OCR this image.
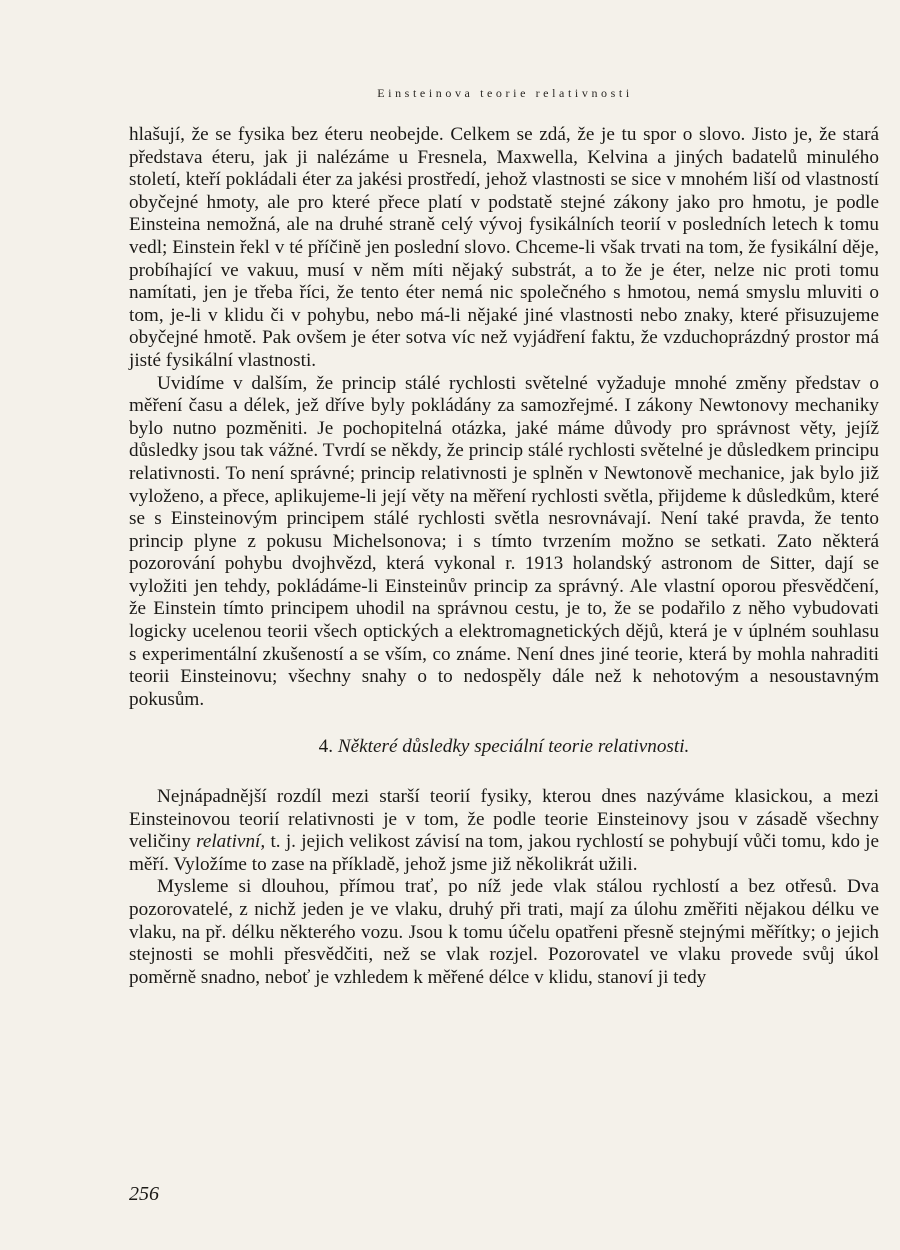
Einsteinova teorie relativnosti

hlašují, že se fysika bez éteru neobejde. Celkem se zdá, že je tu spor o slovo. Jisto je, že stará představa éteru, jak ji nalézáme u Fresnela, Maxwella, Kelvina a jiných badatelů minulého století, kteří pokládali éter za jakési prostředí, jehož vlastnosti se sice v mnohém liší od vlastností obyčejné hmoty, ale pro které přece platí v podstatě stejné zákony jako pro hmotu, je podle Einsteina nemožná, ale na druhé straně celý vývoj fysikálních teorií v posledních letech k tomu vedl; Einstein řekl v té příčině jen poslední slovo. Chceme-li však trvati na tom, že fysikální děje, probíhající ve vakuu, musí v něm míti nějaký substrát, a to že je éter, nelze nic proti tomu namítati, jen je třeba říci, že tento éter nemá nic společného s hmotou, nemá smyslu mluviti o tom, je-li v klidu či v pohybu, nebo má-li nějaké jiné vlastnosti nebo znaky, které přisuzujeme obyčejné hmotě. Pak ovšem je éter sotva víc než vyjádření faktu, že vzduchoprázdný prostor má jisté fysikální vlastnosti.

Uvidíme v dalším, že princip stálé rychlosti světelné vyžaduje mnohé změny představ o měření času a délek, jež dříve byly pokládány za samozřejmé. I zákony Newtonovy mechaniky bylo nutno pozměniti. Je pochopitelná otázka, jaké máme důvody pro správnost věty, jejíž důsledky jsou tak vážné. Tvrdí se někdy, že princip stálé rychlosti světelné je důsledkem principu relativnosti. To není správné; princip relativnosti je splněn v Newtonově mechanice, jak bylo již vyloženo, a přece, aplikujeme-li její věty na měření rychlosti světla, přijdeme k důsledkům, které se s Einsteinovým principem stálé rychlosti světla nesrovnávají. Není také pravda, že tento princip plyne z pokusu Michelsonova; i s tímto tvrzením možno se setkati. Zato některá pozorování pohybu dvojhvězd, která vykonal r. 1913 holandský astronom de Sitter, dají se vyložiti jen tehdy, pokládáme-li Einsteinův princip za správný. Ale vlastní oporou přesvědčení, že Einstein tímto principem uhodil na správnou cestu, je to, že se podařilo z něho vybudovati logicky ucelenou teorii všech optických a elektromagnetických dějů, která je v úplném souhlasu s experimentální zkušeností a se vším, co známe. Není dnes jiné teorie, která by mohla nahraditi teorii Einsteinovu; všechny snahy o to nedospěly dále než k nehotovým a nesoustavným pokusům.

4. Některé důsledky speciální teorie relativnosti.

Nejnápadnější rozdíl mezi starší teorií fysiky, kterou dnes nazýváme klasickou, a mezi Einsteinovou teorií relativnosti je v tom, že podle teorie Einsteinovy jsou v zásadě všechny veličiny relativní, t. j. jejich velikost závisí na tom, jakou rychlostí se pohybují vůči tomu, kdo je měří. Vyložíme to zase na příkladě, jehož jsme již několikrát užili.

Mysleme si dlouhou, přímou trať, po níž jede vlak stálou rychlostí a bez otřesů. Dva pozorovatelé, z nichž jeden je ve vlaku, druhý při trati, mají za úlohu změřiti nějakou délku ve vlaku, na př. délku některého vozu. Jsou k tomu účelu opatřeni přesně stejnými měřítky; o jejich stejnosti se mohli přesvědčiti, než se vlak rozjel. Pozorovatel ve vlaku provede svůj úkol poměrně snadno, neboť je vzhledem k měřené délce v klidu, stanoví ji tedy

256
